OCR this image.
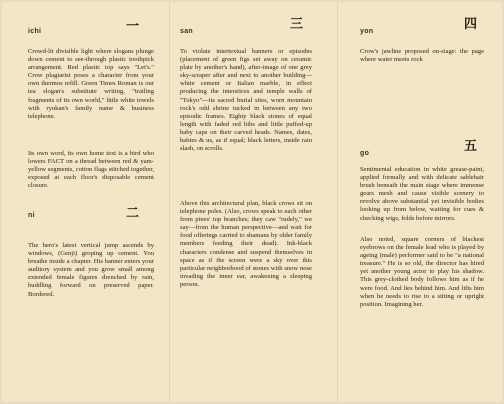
ichi	一

Crowd-lit divisible light where slogans plunge down cement to see-through plastic toothpick arrangement. Red plastic top says "Let's." Crow plagiarist poses a character from your own thermos refill. Green Times Roman is our tea slogan's substitute writing, "trailing fragments of its own world," little white towels with ryokan's family name & business telephone.

Its own word, its own home text is a bird who lowers FACT on a thread between red & yam-yellow segments, cotton flags stitched together, exposed at each floor's disposable cement closure.

ni	二

The hero's latest vertical jump ascends by windows, (Genji) groping up cement. You breathe inside a chapter. His banner enters your auditory system and you grow small among extended female figures drenched by rain, huddling forward on preserved paper. Bordered.

san	三

To violate intertextual banners or episodes (placement of green figs set away on ceramic plate by another's hand), after-image of one grey sky-scraper after and next to another building—white cement or Italian marble, in effect producing the interstices and temple walls of "Tokyo"—its sacred burial sites, worn mountain rock's odd shrine tucked in between any two episodic frames. Eighty black stones of equal length with faded red bibs and little puffed-up baby caps on their carved heads. Names, dates, babies & us, as if equal; black letters, inside rain slash, on scrolls.

Above this architectural plan, black crows sit on telephone poles. (Also, crows speak to each other from pines' top branches; they caw "rudely," we say—from the human perspective—and wait for food offerings carried to shamans by older family members feeding their dead). Ink-black characters condense and suspend themselves in space as if the screen were a sky over this particular neighborhood of stones with snow nose invading the inner ear, awakening a sleeping person.

yon	四

Crow's jawline proposed on-stage: the page where water meets rock

go	五

Sentimental education in white grease-paint, applied formally and with delicate sablehair brush beneath the main stage where immense gears mesh and cause visible scenery to revolve above substantial yet invisible bodies looking up from below, waiting for cues & checking wigs, folds before mirrors.

Also noted, square corners of blackest eyebrows on the female lead who is played by ageing (male) performer said to be "a national treasure." He is so old, the director has hired yet another young actor to play his shadow. This grey-clothed body follows him as if he were food. And lies behind him. And lifts him when he needs to rise to a sitting or upright position. Imagining her.
